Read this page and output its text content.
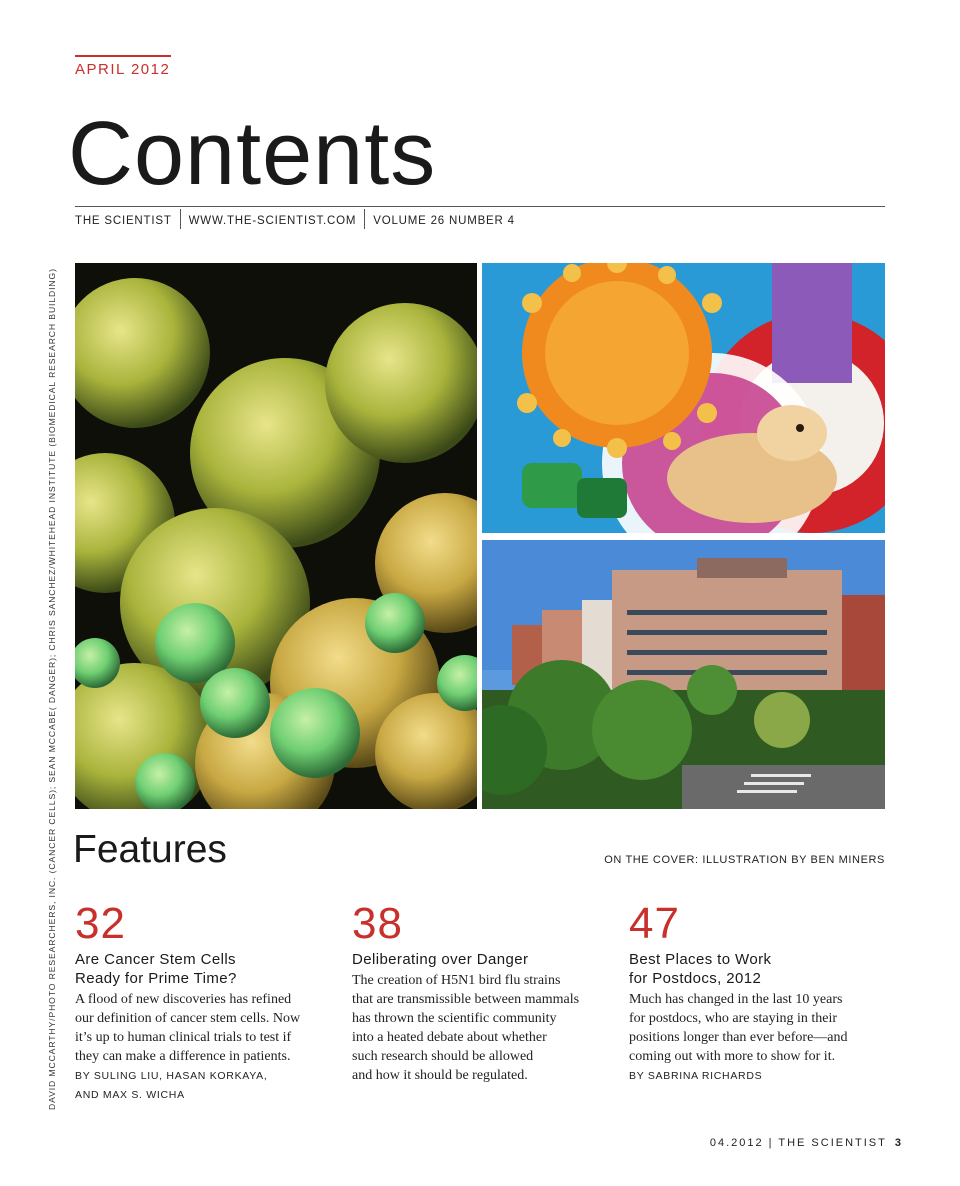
APRIL 2012
Contents
THE SCIENTIST	WWW.THE-SCIENTIST.COM	VOLUME 26 NUMBER 4
DAVID MCCARTHY/PHOTO RESEARCHERS, INC. (CANCER CELLS); SEAN MCCABE( DANGER); CHRIS SANCHEZ/WHITEHEAD INSTITUTE (BIOMEDICAL RESEARCH BUILDING) Features	ON THE COVER: ILLUSTRATION BY BEN MINERS
32
Are Cancer Stem Cells
Ready for Prime Time?
A flood of new discoveries has refined
our definition of cancer stem cells. Now
it’s up to human clinical trials to test if
they can make a difference in patients.
BY SULING LIU, HASAN KORKAYA,
AND MAX S. WICHA
38
Deliberating over Danger
The creation of H5N1 bird flu strains
that are transmissible between mammals
has thrown the scientific community
into a heated debate about whether
such research should be allowed
and how it should be regulated.
47
Best Places to Work
for Postdocs, 2012
Much has changed in the last 10 years
for postdocs, who are staying in their
positions longer than ever before—and
coming out with more to show for it.
BY SABRINA RICHARDS
04.2012 | THE SCIENTIST 3
